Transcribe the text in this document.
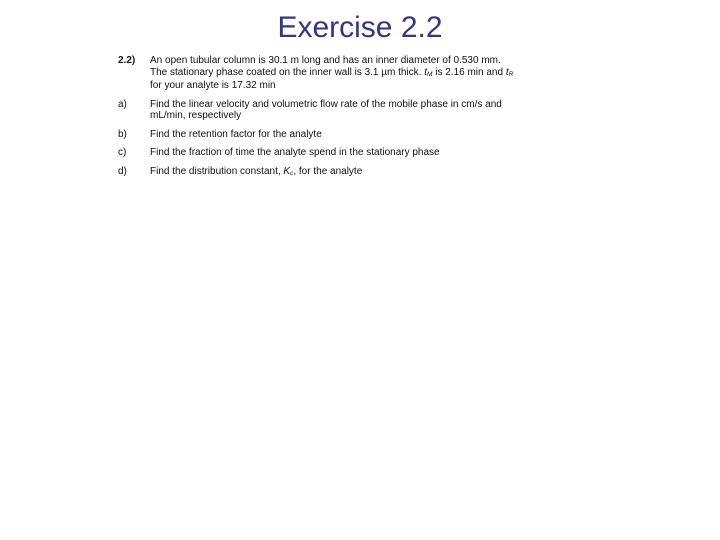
Exercise 2.2
2.2)	An open tubular column is 30.1 m long and has an inner diameter of 0.530 mm.
The stationary phase coated on the inner wall is 3.1 µm thick. tM is 2.16 min and tR
for your analyte is 17.32 min
a)	Find the linear velocity and volumetric flow rate of the mobile phase in cm/s and
mL/min, respectively
b)	Find the retention factor for the analyte
c)	Find the fraction of time the analyte spend in the stationary phase
d)	Find the distribution constant, Kc, for the analyte
